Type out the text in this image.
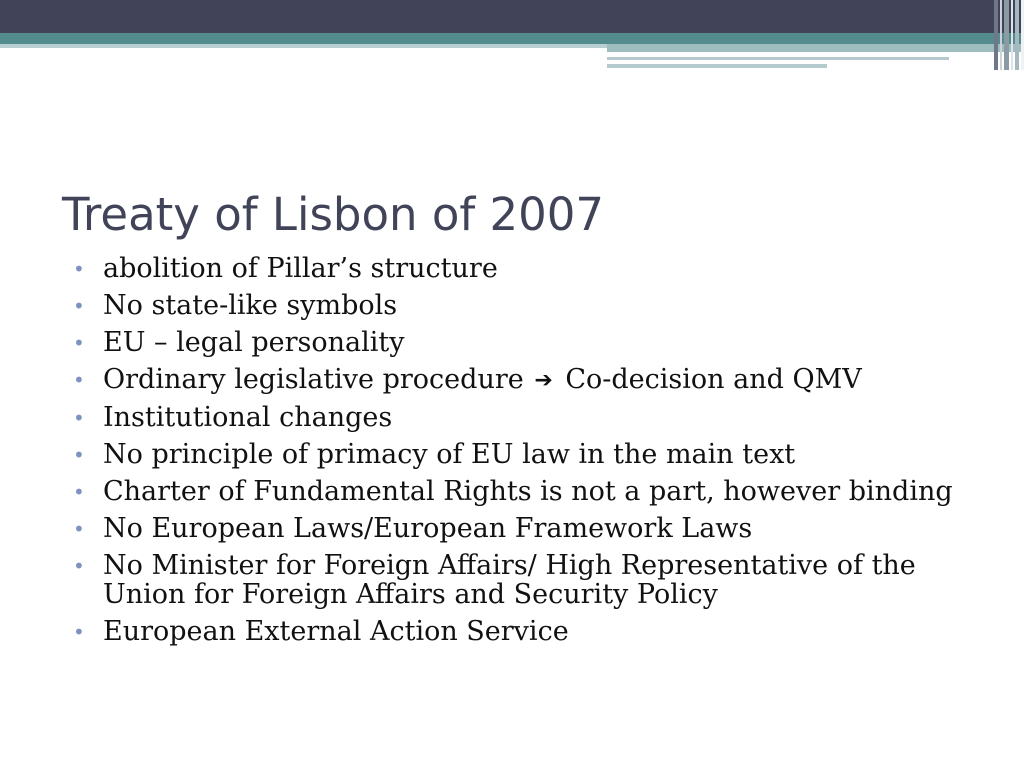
Treaty of Lisbon of 2007
• abolition of Pillar’s structure
• No state-like symbols
• EU – legal personality
• Ordinary legislative procedure ➔ Co-decision and QMV
• Institutional changes
• No principle of primacy of EU law in the main text
• Charter of Fundamental Rights is not a part, however binding
• No European Laws/European Framework Laws
• No Minister for Foreign Affairs/ High Representative of the Union for Foreign Affairs and Security Policy
• European External Action Service
